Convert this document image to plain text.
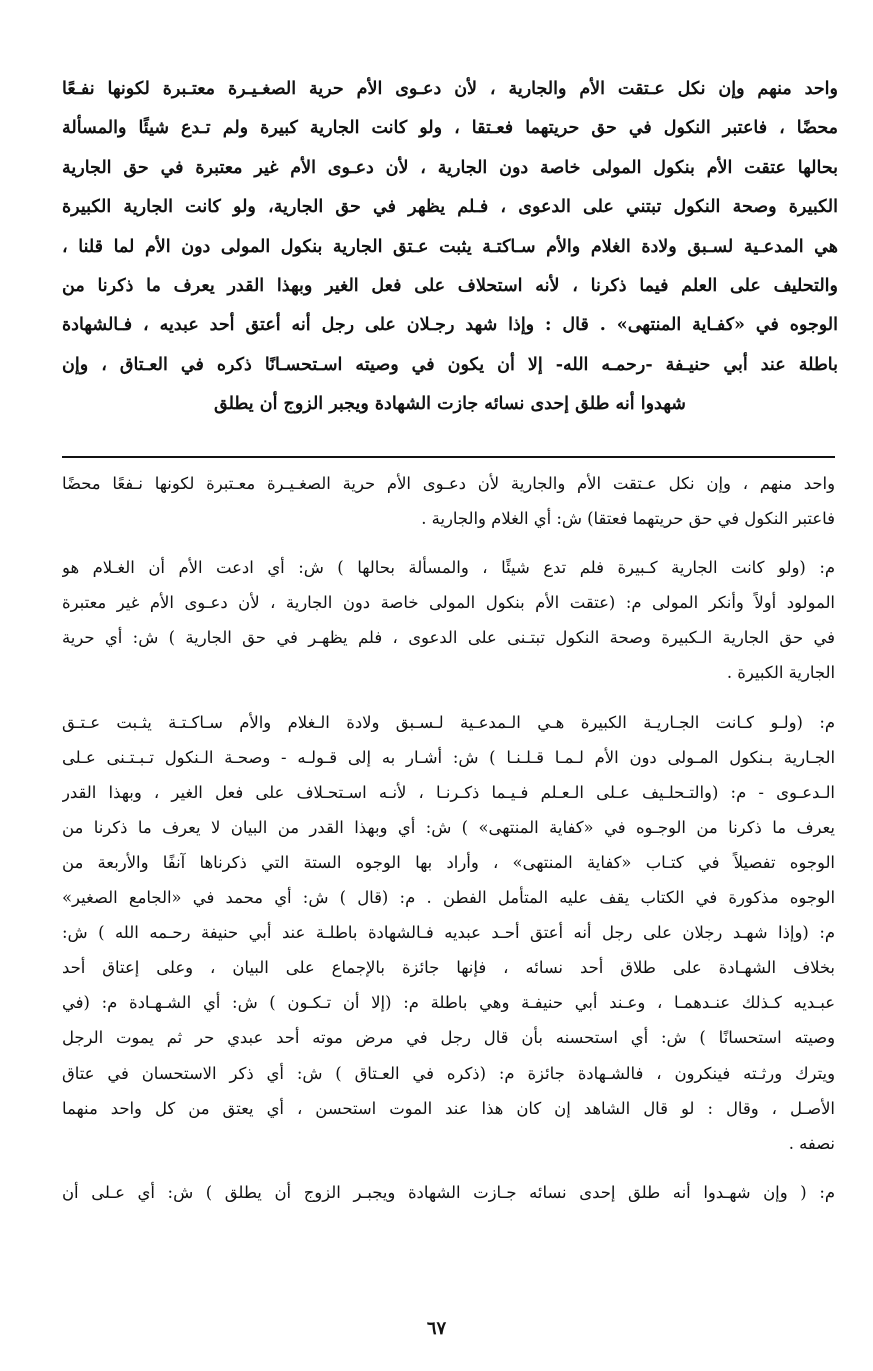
واحد منهم وإن نكل عـتقت الأم والجارية ، لأن دعـوى الأم حرية الصغـيـرة معتـبرة لكونها نفـعًا
محضًا ، فاعتبر النكول في حق حريتهما فعـتقا ، ولو كانت الجارية كبيرة ولم تـدع شيئًا والمسألة
بحالها عتقت الأم بنكول المولى خاصة دون الجارية ، لأن دعـوى الأم غير معتبرة في حق الجارية
الكبيرة وصحة النكول تبتني على الدعوى ، فـلم يظهر في حق الجارية، ولو كانت الجارية الكبيرة
هي المدعـية لسـبق ولادة الغلام والأم سـاكتـة يثبت عـتق الجارية بنكول المولى دون الأم لما قلنا ،
والتحليف على العلم فيما ذكرنا ، لأنه استحلاف على فعل الغير وبهذا القدر يعرف ما ذكرنا من
الوجوه في «كفـاية المنتهى» . قال : وإذا شهد رجـلان على رجل أنه أعتق أحد عبديه ، فـالشهادة
باطلة عند أبي حنيـفة -رحمـه الله- إلا أن يكون في وصيته اسـتحسـانًا ذكره في العـتاق ، وإن
شهدوا أنه طلق إحدى نسائه جازت الشهادة ويجبر الزوج أن يطلق

واحد منهم ، وإن نكل عـتقت الأم والجارية لأن دعـوى الأم حرية الصغـيـرة معـتبرة لكونها نـفعًا محضًا
فاعتبر النكول في حق حريتهما فعتقا) ش: أي الغلام والجارية .

م: (ولو كانت الجارية كـبيرة فلم تدع شيئًا ، والمسألة بحالها ) ش: أي ادعت الأم أن الغـلام هو
المولود أولاً وأنكر المولى م: (عتقت الأم بنكول المولى خاصة دون الجارية ، لأن دعـوى الأم غير معتبرة
في حق الجارية الـكبيرة وصحة النكول تبتـنى على الدعوى ، فلم يظهـر في حق الجارية ) ش: أي حرية
الجارية الكبيرة .

م: (ولـو كـانت الجـاريـة الكبيرة هـي الـمدعـية لـسـبق ولادة الـغلام والأم سـاكـتـة يثـبت عـتـق
الجـارية بـنكول المـولى دون الأم لـمـا قـلـنـا ) ش: أشـار به إلى قـولـه - وصحـة الـنكول تـبـتـنى عـلى
الـدعـوى - م: (والتـحلـيف عـلى الـعـلم فـيـما ذكـرنـا ، لأنـه اسـتحـلاف على فعل الغير ، وبهذا القدر
يعرف ما ذكرنا من الوجـوه في «كفاية المنتهى» ) ش: أي وبهذا القدر من البيان لا يعرف ما ذكرنا من
الوجوه تفصيلاً في كتـاب «كفاية المنتهى» ، وأراد بها الوجوه الستة التي ذكرناها آنفًا والأربعة من
الوجوه مذكورة في الكتاب يقف عليه المتأمل الفطن . م: (قال ) ش: أي محمد في «الجامع الصغير»
م: (وإذا شهـد رجلان على رجل أنه أعتق أحـد عبديه فـالشهادة باطلـة عند أبي حنيفة رحـمه الله ) ش:
بخلاف الشهـادة على طلاق أحد نسائه ، فإنها جائزة بالإجماع على البيان ، وعلى إعتاق أحد
عبـديه كـذلك عنـدهمـا ، وعـند أبي حنيفـة وهي باطلة م: (إلا أن تـكـون ) ش: أي الشـهـادة م: (في
وصيته استحسانًا ) ش: أي استحسنه بأن قال رجل في مرض موته أحد عبدي حر ثم يموت الرجل
ويترك ورثـته فينكرون ، فالشـهادة جائزة م: (ذكره في العـتاق ) ش: أي ذكر الاستحسان في عتاق
الأصـل ، وقال : لو قال الشاهد إن كان هذا عند الموت استحسن ، أي يعتق من كل واحد منهما
نصفه .

م: ( وإن شهـدوا أنه طلق إحدى نسائه جـازت الشهادة ويجبـر الزوج أن يطلق ) ش: أي عـلى أن

٦٧
